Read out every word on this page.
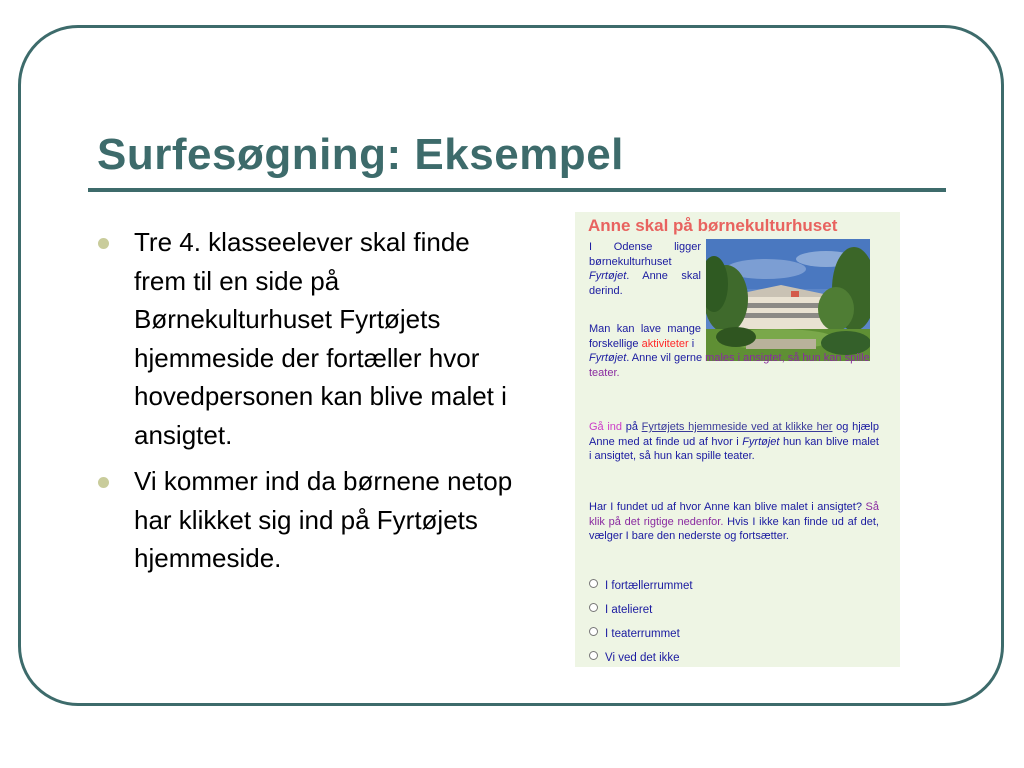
Surfesøgning: Eksempel
Tre 4. klasseelever skal finde frem til en side på Børnekulturhuset Fyrtøjets hjemmeside der fortæller hvor hovedpersonen kan blive malet i ansigtet.
Vi kommer ind da børnene netop har klikket sig ind på Fyrtøjets hjemmeside.
Anne skal på børnekulturhuset
I Odense ligger børnekulturhuset Fyrtøjet. Anne skal derind.
Man kan lave mange forskellige aktiviteter i
Fyrtøjet. Anne vil gerne males i ansigtet, så hun kan spille teater.
Gå ind på Fyrtøjets hjemmeside ved at klikke her og hjælp Anne med at finde ud af hvor i Fyrtøjet hun kan blive malet i ansigtet, så hun kan spille teater.
Har I fundet ud af hvor Anne kan blive malet i ansigtet? Så klik på det rigtige nedenfor. Hvis I ikke kan finde ud af det, vælger I bare den nederste og fortsætter.
I fortællerrummet
I atelieret
I teaterrummet
Vi ved det ikke
